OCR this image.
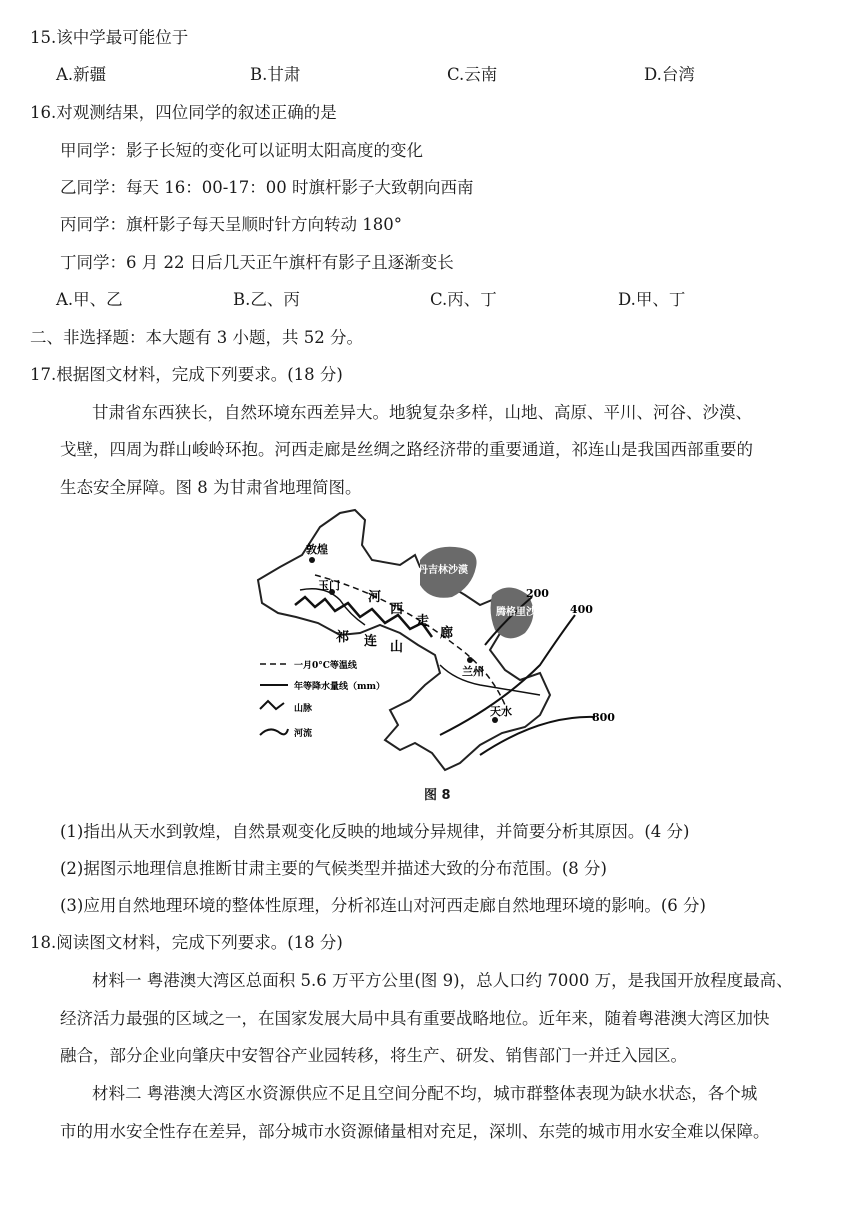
15.该中学最可能位于
A.新疆	B.甘肃	C.云南	D.台湾
16.对观测结果，四位同学的叙述正确的是
甲同学：影子长短的变化可以证明太阳高度的变化
乙同学：每天 16：00-17：00 时旗杆影子大致朝向西南
丙同学：旗杆影子每天呈顺时针方向转动 180°
丁同学：6 月 22 日后几天正午旗杆有影子且逐渐变长
A.甲、乙	B.乙、丙	C.丙、丁	D.甲、丁
二、非选择题：本大题有 3 小题，共 52 分。
17.根据图文材料，完成下列要求。(18 分)
甘肃省东西狭长，自然环境东西差异大。地貌复杂多样，山地、高原、平川、河谷、沙漠、
戈壁，四周为群山峻岭环抱。河西走廊是丝绸之路经济带的重要通道，祁连山是我国西部重要的
生态安全屏障。图 8 为甘肃省地理简图。
敦煌
玉门
兰州
天水
巴丹吉林沙漠
腾格里沙漠
河
西
走
廊
祁 连 山
200
400
800
一月0°C等温线
年等降水量线（mm）
山脉
河流
图 8
(1)指出从天水到敦煌，自然景观变化反映的地域分异规律，并简要分析其原因。(4 分)
(2)据图示地理信息推断甘肃主要的气候类型并描述大致的分布范围。(8 分)
(3)应用自然地理环境的整体性原理，分析祁连山对河西走廊自然地理环境的影响。(6 分)
18.阅读图文材料，完成下列要求。(18 分)
材料一 粤港澳大湾区总面积 5.6 万平方公里(图 9)，总人口约 7000 万，是我国开放程度最高、
经济活力最强的区域之一，在国家发展大局中具有重要战略地位。近年来，随着粤港澳大湾区加快
融合，部分企业向肇庆中安智谷产业园转移，将生产、研发、销售部门一并迁入园区。
材料二 粤港澳大湾区水资源供应不足且空间分配不均，城市群整体表现为缺水状态，各个城
市的用水安全性存在差异，部分城市水资源储量相对充足，深圳、东莞的城市用水安全难以保障。
